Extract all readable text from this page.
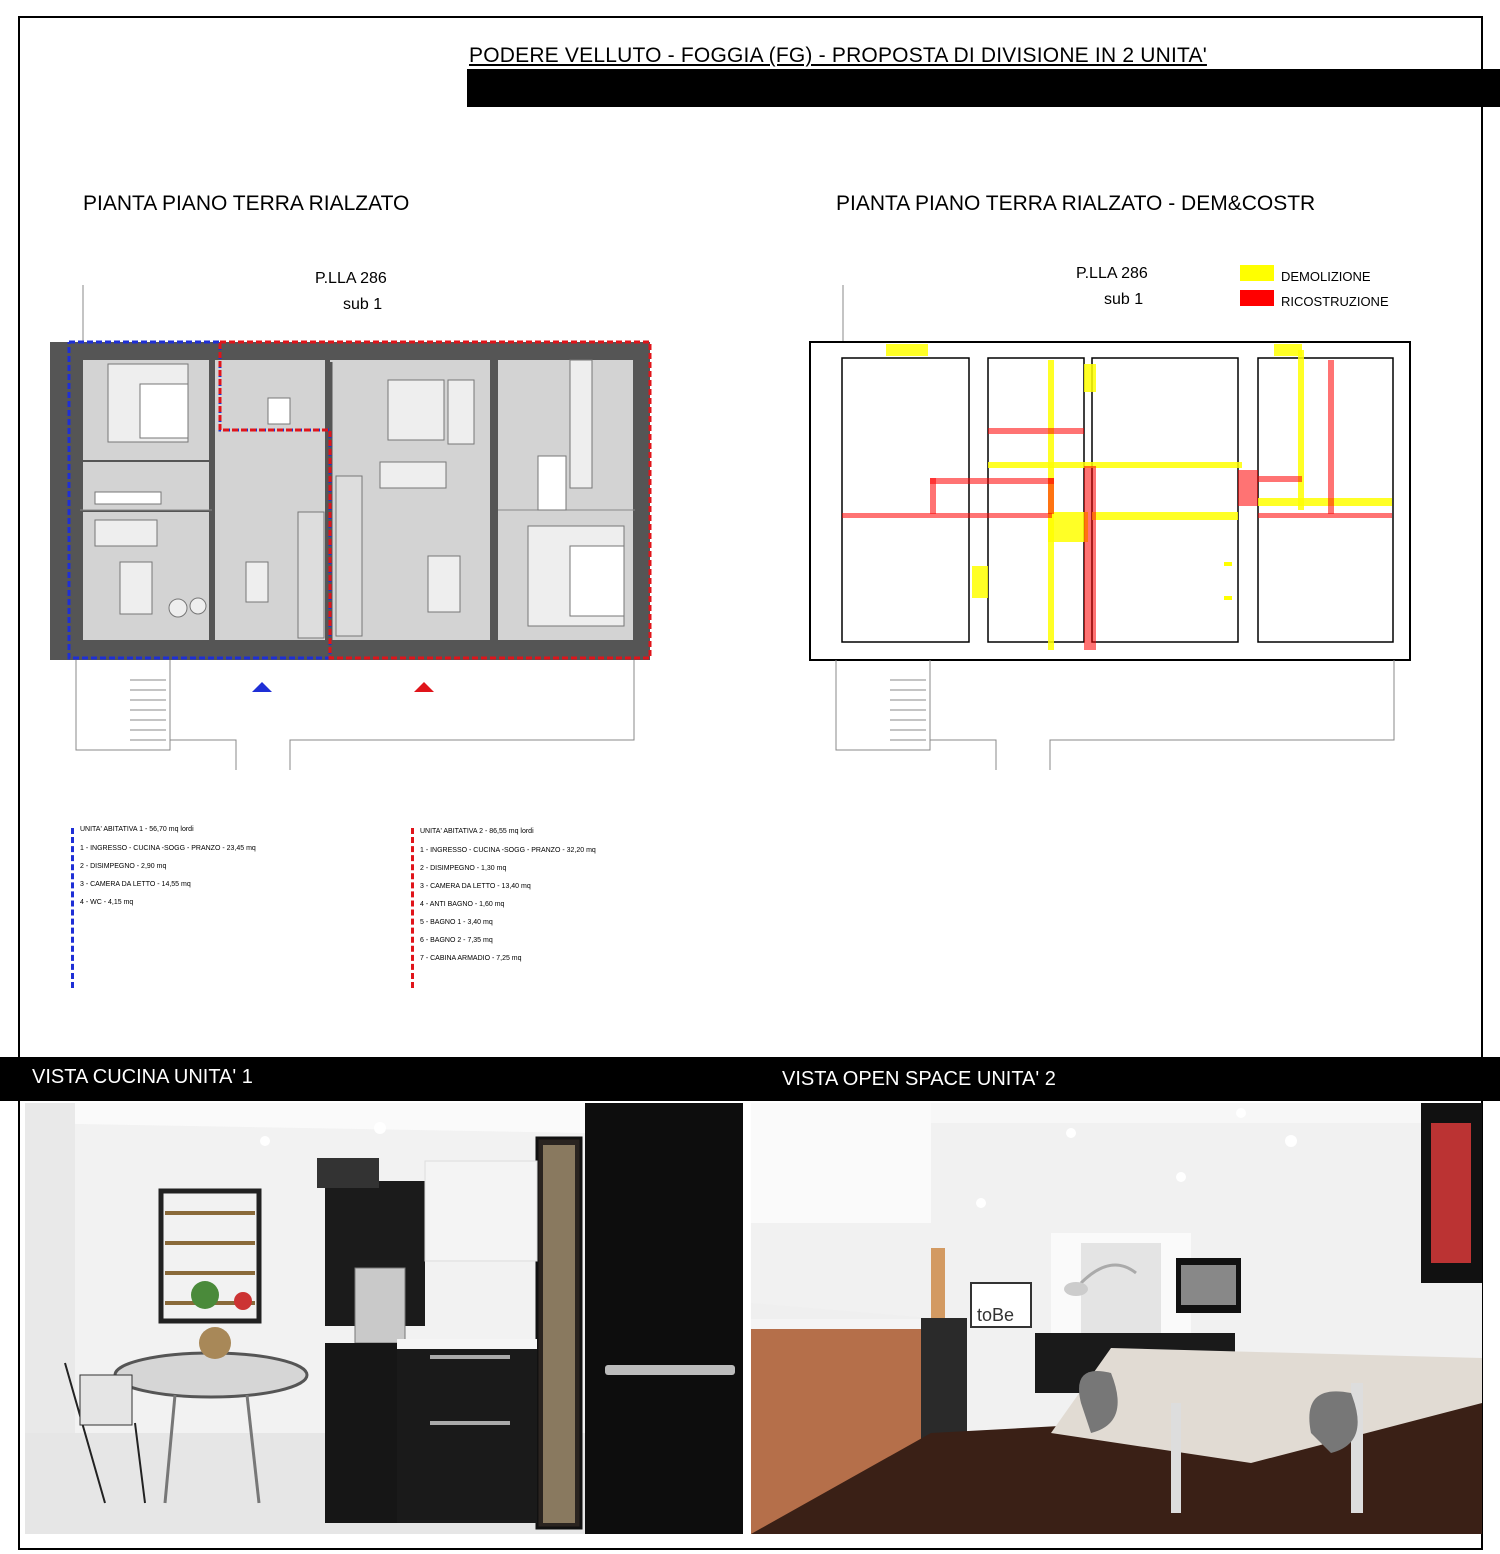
PODERE VELLUTO - FOGGIA (FG) - PROPOSTA DI DIVISIONE IN 2 UNITA'
PIANTA PIANO TERRA RIALZATO
P.LLA 286
sub 1
PIANTA PIANO TERRA RIALZATO - DEM&COSTR
P.LLA 286
sub 1
DEMOLIZIONE
RICOSTRUZIONE
UNITA' ABITATIVA 1 - 56,70 mq lordi
1 - INGRESSO - CUCINA -SOGG - PRANZO - 23,45 mq
2 - DISIMPEGNO - 2,90 mq
3 - CAMERA DA LETTO - 14,55 mq
4 - WC - 4,15 mq
UNITA' ABITATIVA 2 - 86,55 mq lordi
1 - INGRESSO - CUCINA -SOGG - PRANZO - 32,20 mq
2 - DISIMPEGNO - 1,30 mq
3 - CAMERA DA LETTO - 13,40 mq
4 - ANTI BAGNO - 1,60 mq
5 - BAGNO 1 - 3,40 mq
6 - BAGNO 2 - 7,35 mq
7 - CABINA ARMADIO - 7,25 mq
VISTA CUCINA UNITA' 1	VISTA OPEN SPACE UNITA' 2
toBe
